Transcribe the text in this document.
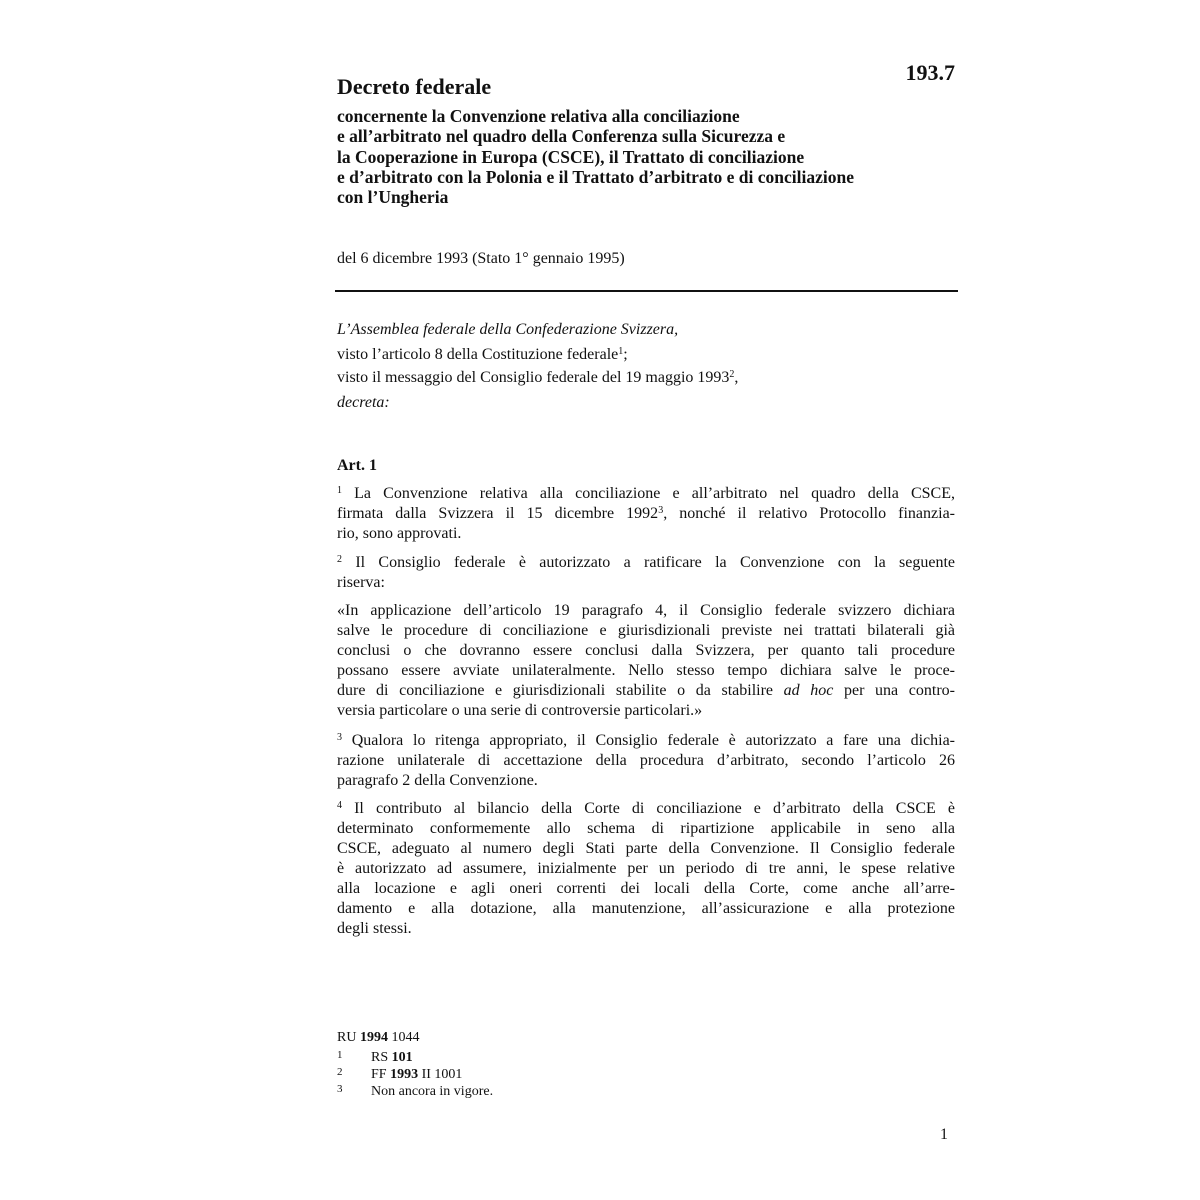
193.7
Decreto federale
concernente la Convenzione relativa alla conciliazione
e all’arbitrato nel quadro della Conferenza sulla Sicurezza e
la Cooperazione in Europa (CSCE), il Trattato di conciliazione
e d’arbitrato con la Polonia e il Trattato d’arbitrato e di conciliazione
con l’Ungheria
del 6 dicembre 1993 (Stato 1° gennaio 1995)
L’Assemblea federale della Confederazione Svizzera,
visto l’articolo 8 della Costituzione federale$^1$;
visto il messaggio del Consiglio federale del 19 maggio 1993$^2$,
decreta:
Art. 1
$^1$ La Convenzione relativa alla conciliazione e all’arbitrato nel quadro della CSCE,
firmata dalla Svizzera il 15 dicembre 1992$^3$, nonché il relativo Protocollo finanzia-
rio, sono approvati.
$^2$ Il Consiglio federale è autorizzato a ratificare la Convenzione con la seguente
riserva:
«In applicazione dell’articolo 19 paragrafo 4, il Consiglio federale svizzero dichiara
salve le procedure di conciliazione e giurisdizionali previste nei trattati bilaterali già
conclusi o che dovranno essere conclusi dalla Svizzera, per quanto tali procedure
possano essere avviate unilateralmente. Nello stesso tempo dichiara salve le proce-
dure di conciliazione e giurisdizionali stabilite o da stabilire ad hoc per una contro-
versia particolare o una serie di controversie particolari.»
$^3$ Qualora lo ritenga appropriato, il Consiglio federale è autorizzato a fare una dichia-
razione unilaterale di accettazione della procedura d’arbitrato, secondo l’articolo 26
paragrafo 2 della Convenzione.
$^4$ Il contributo al bilancio della Corte di conciliazione e d’arbitrato della CSCE è
determinato conformemente allo schema di ripartizione applicabile in seno alla
CSCE, adeguato al numero degli Stati parte della Convenzione. Il Consiglio federale
è autorizzato ad assumere, inizialmente per un periodo di tre anni, le spese relative
alla locazione e agli oneri correnti dei locali della Corte, come anche all’arre-
damento e alla dotazione, alla manutenzione, all’assicurazione e alla protezione
degli stessi.
RU 1994 1044
1 RS 101
2 FF 1993 II 1001
3 Non ancora in vigore.
1
